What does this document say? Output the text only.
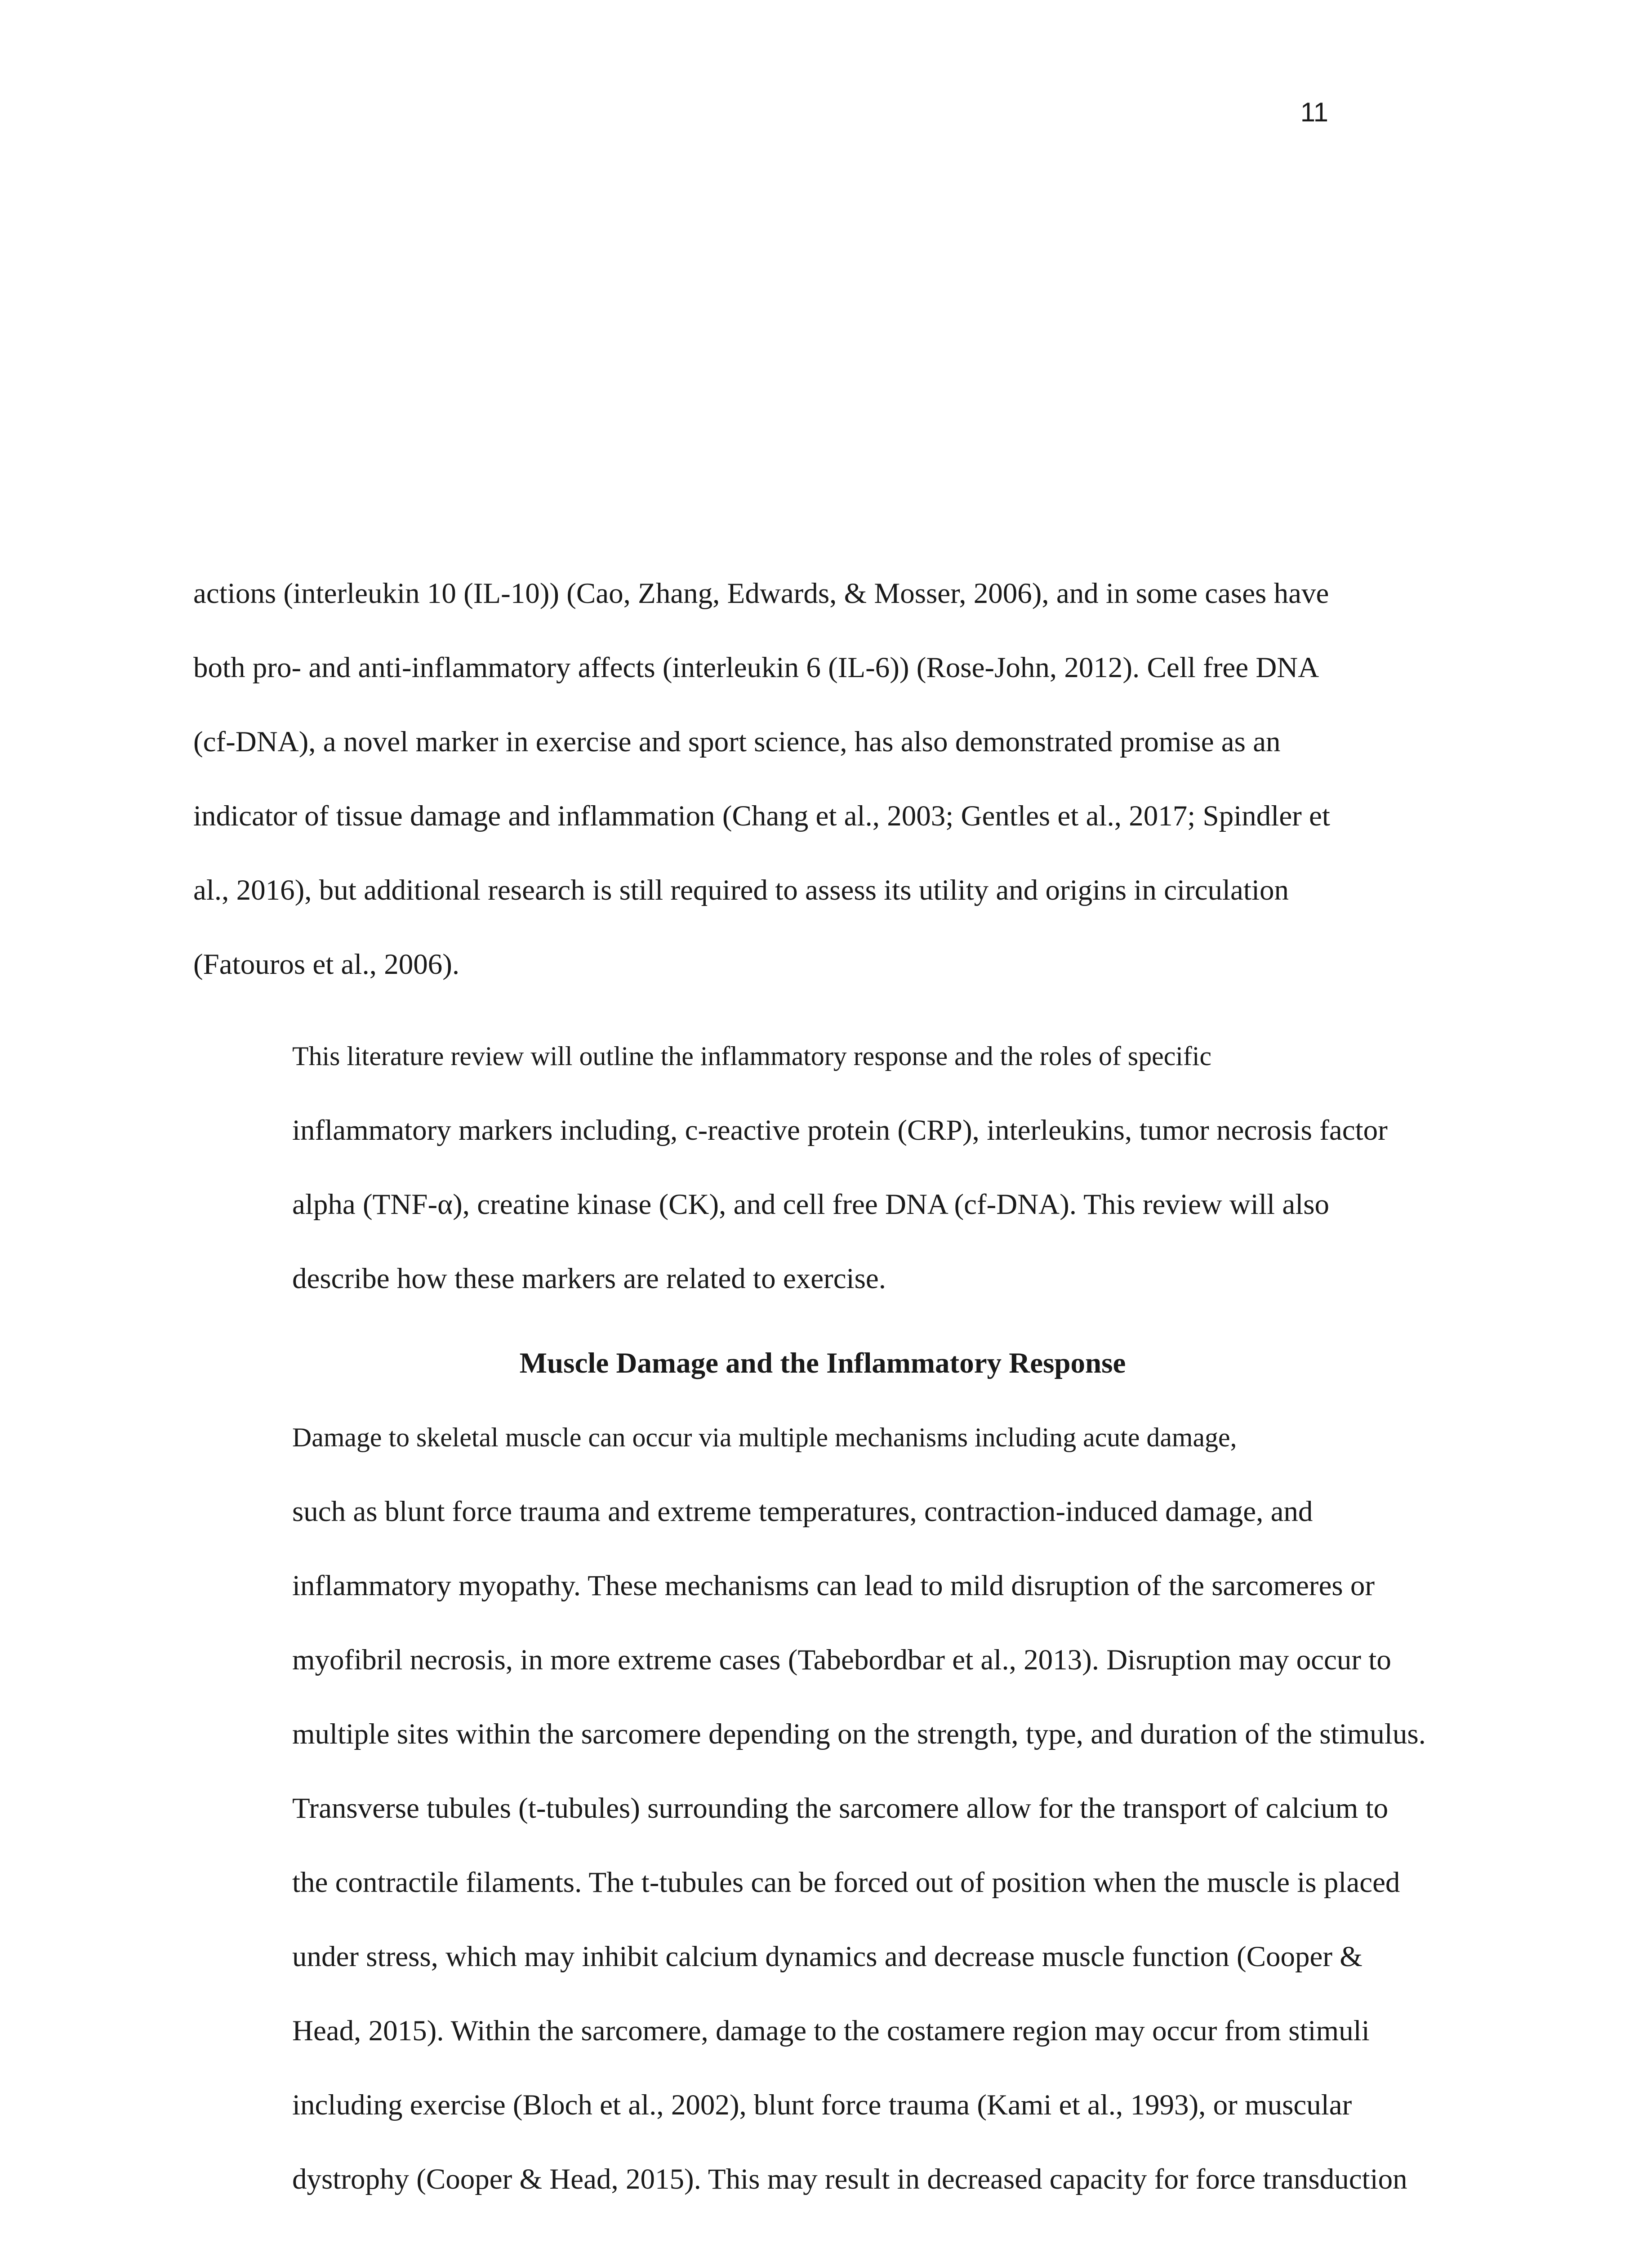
11
actions (interleukin 10 (IL-10)) (Cao, Zhang, Edwards, & Mosser, 2006), and in some cases have
both pro- and anti-inflammatory affects (interleukin 6 (IL-6)) (Rose-John, 2012). Cell free DNA
(cf-DNA), a novel marker in exercise and sport science, has also demonstrated promise as an
indicator of tissue damage and inflammation (Chang et al., 2003; Gentles et al., 2017; Spindler et
al., 2016), but additional research is still required to assess its utility and origins in circulation
(Fatouros et al., 2006).
This literature review will outline the inflammatory response and the roles of specific
inflammatory markers including, c-reactive protein (CRP), interleukins, tumor necrosis factor
alpha (TNF-α), creatine kinase (CK), and cell free DNA (cf-DNA). This review will also
describe how these markers are related to exercise.
Muscle Damage and the Inflammatory Response
Damage to skeletal muscle can occur via multiple mechanisms including acute damage,
such as blunt force trauma and extreme temperatures, contraction-induced damage, and
inflammatory myopathy. These mechanisms can lead to mild disruption of the sarcomeres or
myofibril necrosis, in more extreme cases (Tabebordbar et al., 2013). Disruption may occur to
multiple sites within the sarcomere depending on the strength, type, and duration of the stimulus.
Transverse tubules (t-tubules) surrounding the sarcomere allow for the transport of calcium to
the contractile filaments. The t-tubules can be forced out of position when the muscle is placed
under stress, which may inhibit calcium dynamics and decrease muscle function (Cooper &
Head, 2015). Within the sarcomere, damage to the costamere region may occur from stimuli
including exercise (Bloch et al., 2002), blunt force trauma (Kami et al., 1993), or muscular
dystrophy (Cooper & Head, 2015). This may result in decreased capacity for force transduction
